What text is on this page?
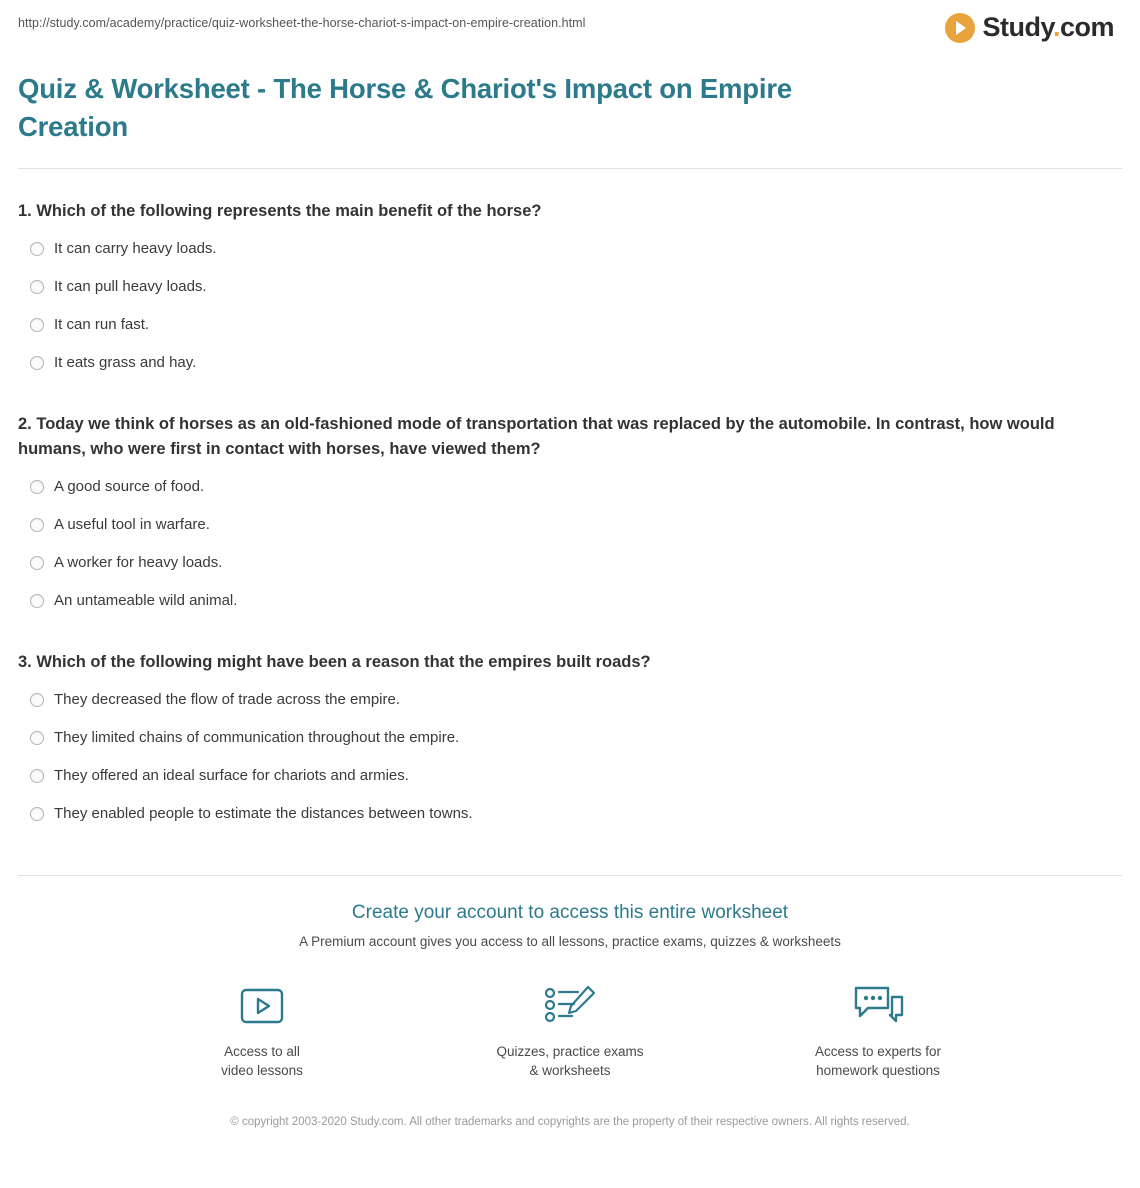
http://study.com/academy/practice/quiz-worksheet-the-horse-chariot-s-impact-on-empire-creation.html	Study.com
Quiz & Worksheet - The Horse & Chariot's Impact on Empire Creation

1. Which of the following represents the main benefit of the horse?

It can carry heavy loads.
It can pull heavy loads.
It can run fast.
It eats grass and hay.

2. Today we think of horses as an old-fashioned mode of transportation that was replaced by the automobile. In contrast, how would humans, who were first in contact with horses, have viewed them?

A good source of food.
A useful tool in warfare.
A worker for heavy loads.
An untameable wild animal.

3. Which of the following might have been a reason that the empires built roads?

They decreased the flow of trade across the empire.
They limited chains of communication throughout the empire.
They offered an ideal surface for chariots and armies.
They enabled people to estimate the distances between towns.
Create your account to access this entire worksheet
A Premium account gives you access to all lessons, practice exams, quizzes & worksheets
Access to all
video lessons
Quizzes, practice exams
& worksheets
Access to experts for
homework questions
© copyright 2003-2020 Study.com. All other trademarks and copyrights are the property of their respective owners. All rights reserved.
